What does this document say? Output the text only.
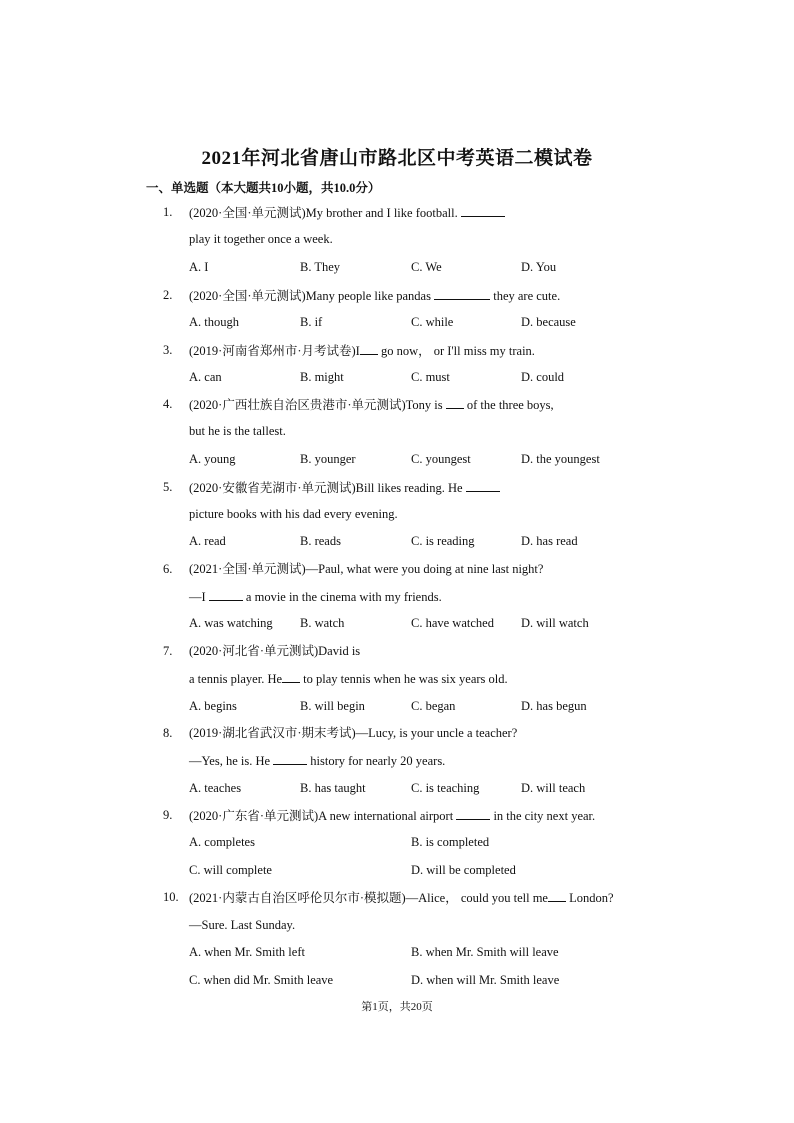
2021年河北省唐山市路北区中考英语二模试卷
一、单选题（本大题共10小题，共10.0分）
1. (2020·全国·单元测试)My brother and I like football.
play it together once a week.
A. I	B. They	C. We	D. You
2. (2020·全国·单元测试)Many people like pandas	they are cute.
A. though	B. if	C. while	D. because
3. (2019·河南省郑州市·月考试卷)I go now， or I'll miss my train.
A. can	B. might	C. must	D. could
4. (2020·广西壮族自治区贵港市·单元测试)Tony is  of the three boys,
but he is the tallest.
A. young	B. younger	C. youngest	D. the youngest
5. (2020·安徽省芜湖市·单元测试)Bill likes reading. He
picture books with his dad every evening.
A. read	B. reads	C. is reading	D. has read
6. (2021·全国·单元测试)—Paul, what were you doing at nine last night?
—I	a movie in the cinema with my friends.
A. was watching B. watch	C. have watched D. will watch
7. (2020·河北省·单元测试)David is
a tennis player. He to play tennis when he was six years old.
A. begins	B. will begin	C. began	D. has begun
8. (2019·湖北省武汉市·期末考试)—Lucy, is your uncle a teacher?
—Yes, he is. He	history for nearly 20 years.
A. teaches	B. has taught	C. is teaching	D. will teach
9. (2020·广东省·单元测试)A new international airport	in the city next year.
A. completes	B. is completed
C. will complete	D. will be completed
10. (2021·内蒙古自治区呼伦贝尔市·模拟题)—Alice， could you tell me London?
—Sure. Last Sunday.
A. when Mr. Smith left	B. when Mr. Smith will leave
C. when did Mr. Smith leave	D. when will Mr. Smith leave
第1页，共20页
